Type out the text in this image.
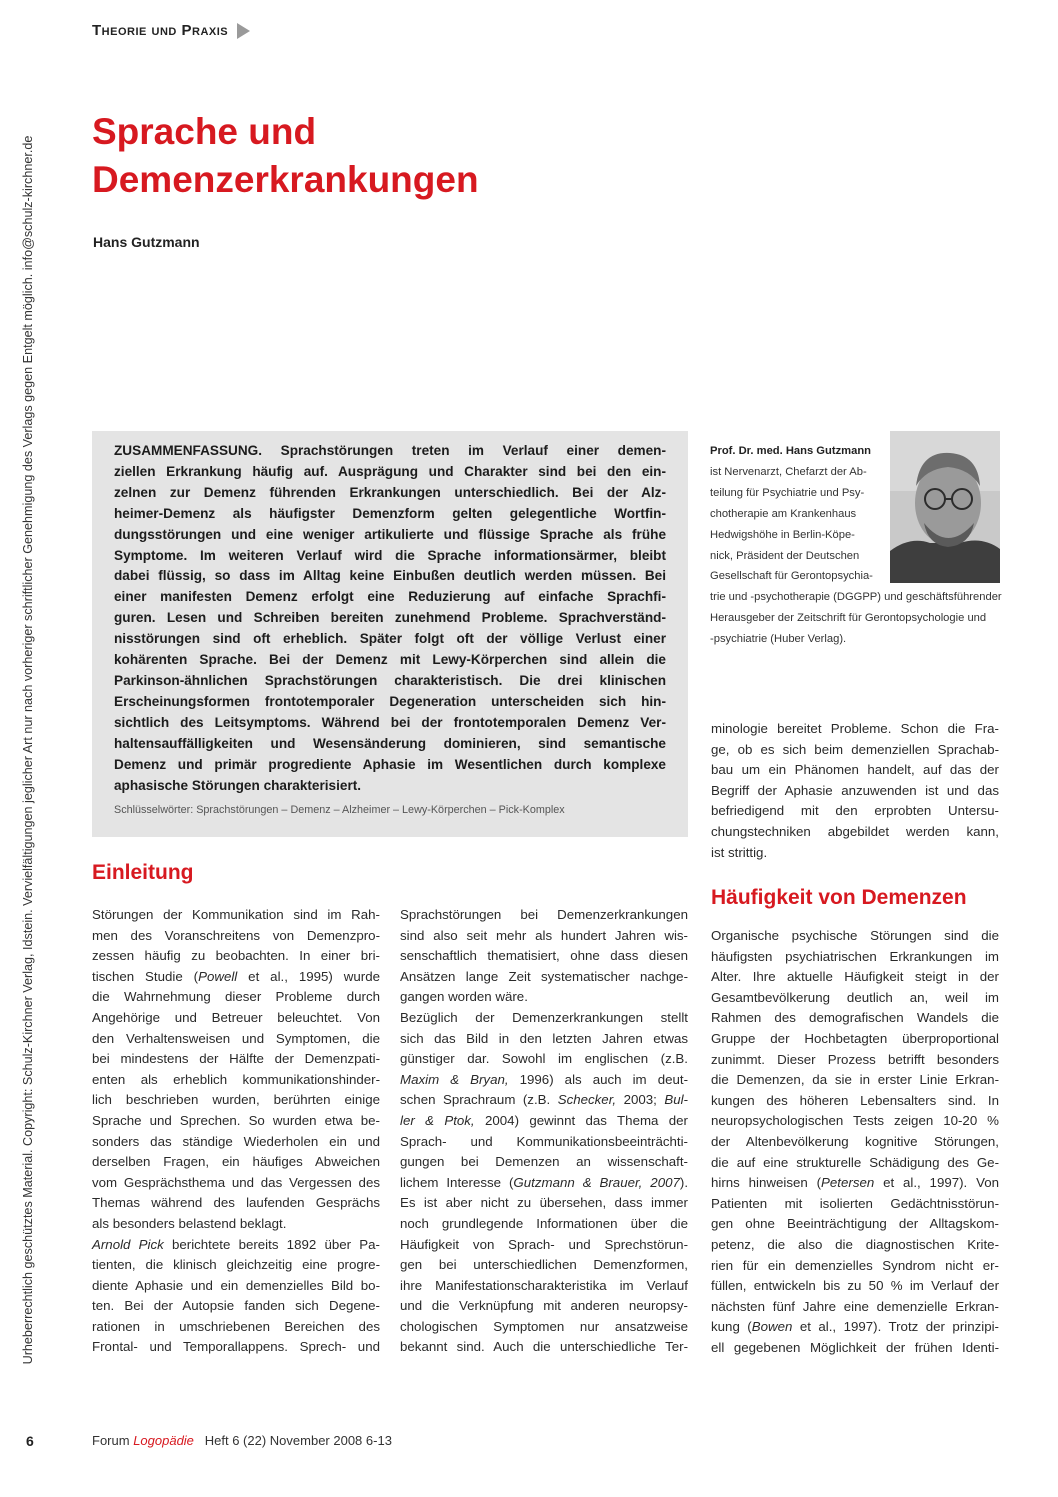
Urheberrechtlich geschütztes Material. Copyright: Schulz-Kirchner Verlag, Idstein. Vervielfältigungen jeglicher Art nur nach vorheriger schriftlicher Genehmigung des Verlags gegen Entgelt möglich. info@schulz-kirchner.de
Theorie und Praxis
Sprache und
Demenzerkrankungen
Hans Gutzmann
ZUSAMMENFASSUNG. Sprachstörungen treten im Verlauf einer demen-
ziellen Erkrankung häufig auf. Ausprägung und Charakter sind bei den ein-
zelnen zur Demenz führenden Erkrankungen unterschiedlich. Bei der Alz-
heimer-Demenz als häufigster Demenzform gelten gelegentliche Wortfin-
dungsstörungen und eine weniger artikulierte und flüssige Sprache als frühe
Symptome. Im weiteren Verlauf wird die Sprache informationsärmer, bleibt
dabei flüssig, so dass im Alltag keine Einbußen deutlich werden müssen. Bei
einer manifesten Demenz erfolgt eine Reduzierung auf einfache Sprachfi-
guren. Lesen und Schreiben bereiten zunehmend Probleme. Sprachverständ-
nisstörungen sind oft erheblich. Später folgt oft der völlige Verlust einer
kohärenten Sprache. Bei der Demenz mit Lewy-Körperchen sind allein die
Parkinson-ähnlichen Sprachstörungen charakteristisch. Die drei klinischen
Erscheinungsformen frontotemporaler Degeneration unterscheiden sich hin-
sichtlich des Leitsymptoms. Während bei der frontotemporalen Demenz Ver-
haltensauffälligkeiten und Wesensänderung dominieren, sind semantische
Demenz und primär progrediente Aphasie im Wesentlichen durch komplexe
aphasische Störungen charakterisiert.
Schlüsselwörter: Sprachstörungen – Demenz – Alzheimer – Lewy-Körperchen – Pick-Komplex
Prof. Dr. med. Hans Gutzmann
ist Nervenarzt, Chefarzt der Ab-
teilung für Psychiatrie und Psy-
chotherapie am Krankenhaus
Hedwigshöhe in Berlin-Köpe-
nick, Präsident der Deutschen
Gesellschaft für Gerontopsychia-
trie und -psychotherapie (DGGPP) und geschäftsführender
Herausgeber der Zeitschrift für Gerontopsychologie und
-psychiatrie (Huber Verlag).
Einleitung
Störungen der Kommunikation sind im Rah-
men des Voranschreitens von Demenzpro-
zessen häufig zu beobachten. In einer bri-
tischen Studie (Powell et al., 1995) wurde
die Wahrnehmung dieser Probleme durch
Angehörige und Betreuer beleuchtet. Von
den Verhaltensweisen und Symptomen, die
bei mindestens der Hälfte der Demenzpati-
enten als erheblich kommunikationshinder-
lich beschrieben wurden, berührten einige
Sprache und Sprechen. So wurden etwa be-
sonders das ständige Wiederholen ein und
derselben Fragen, ein häufiges Abweichen
vom Gesprächsthema und das Vergessen des
Themas während des laufenden Gesprächs
als besonders belastend beklagt.
Arnold Pick berichtete bereits 1892 über Pa-
tienten, die klinisch gleichzeitig eine progre-
diente Aphasie und ein demenzielles Bild bo-
ten. Bei der Autopsie fanden sich Degene-
rationen in umschriebenen Bereichen des
Frontal- und Temporallappens. Sprech- und
Sprachstörungen bei Demenzerkrankungen
sind also seit mehr als hundert Jahren wis-
senschaftlich thematisiert, ohne dass diesen
Ansätzen lange Zeit systematischer nachge-
gangen worden wäre.
Bezüglich der Demenzerkrankungen stellt
sich das Bild in den letzten Jahren etwas
günstiger dar. Sowohl im englischen (z.B.
Maxim & Bryan, 1996) als auch im deut-
schen Sprachraum (z.B. Schecker, 2003; Bul-
ler & Ptok, 2004) gewinnt das Thema der
Sprach- und Kommunikationsbeeinträchti-
gungen bei Demenzen an wissenschaft-
lichem Interesse (Gutzmann & Brauer, 2007).
Es ist aber nicht zu übersehen, dass immer
noch grundlegende Informationen über die
Häufigkeit von Sprach- und Sprechstörun-
gen bei unterschiedlichen Demenzformen,
ihre Manifestationscharakteristika im Verlauf
und die Verknüpfung mit anderen neuropsy-
chologischen Symptomen nur ansatzweise
bekannt sind. Auch die unterschiedliche Ter-
minologie bereitet Probleme. Schon die Fra-
ge, ob es sich beim demenziellen Sprachab-
bau um ein Phänomen handelt, auf das der
Begriff der Aphasie anzuwenden ist und das
befriedigend mit den erprobten Untersu-
chungstechniken abgebildet werden kann,
ist strittig.
Häufigkeit von Demenzen
Organische psychische Störungen sind die
häufigsten psychiatrischen Erkrankungen im
Alter. Ihre aktuelle Häufigkeit steigt in der
Gesamtbevölkerung deutlich an, weil im
Rahmen des demografischen Wandels die
Gruppe der Hochbetagten überproportional
zunimmt. Dieser Prozess betrifft besonders
die Demenzen, da sie in erster Linie Erkran-
kungen des höheren Lebensalters sind. In
neuropsychologischen Tests zeigen 10-20 %
der Altenbevölkerung kognitive Störungen,
die auf eine strukturelle Schädigung des Ge-
hirns hinweisen (Petersen et al., 1997). Von
Patienten mit isolierten Gedächtnisstörun-
gen ohne Beeinträchtigung der Alltagskom-
petenz, die also die diagnostischen Krite-
rien für ein demenzielles Syndrom nicht er-
füllen, entwickeln bis zu 50 % im Verlauf der
nächsten fünf Jahre eine demenzielle Erkran-
kung (Bowen et al., 1997). Trotz der prinzipi-
ell gegebenen Möglichkeit der frühen Identi-
6	Forum Logopädie Heft 6 (22) November 2008 6-13
